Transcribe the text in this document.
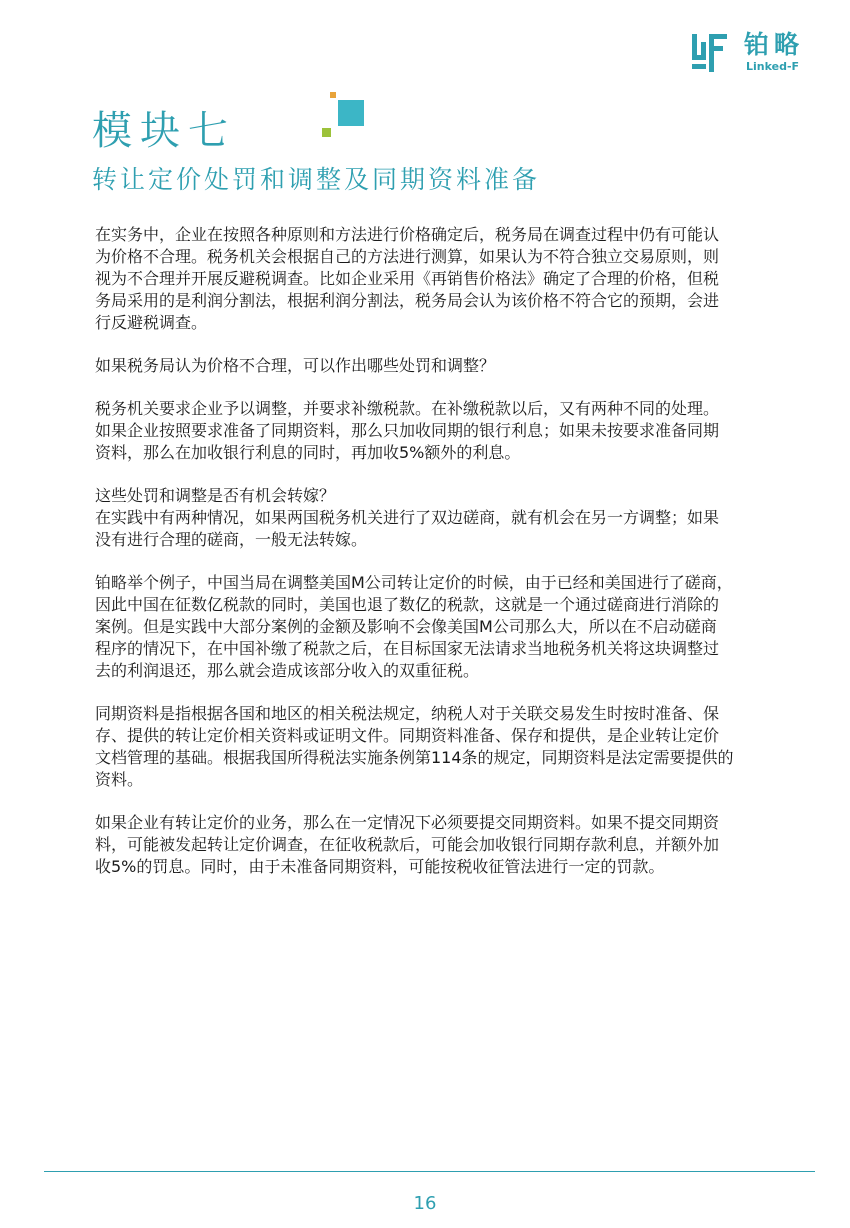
铂略
Linked-F
模块七
转让定价处罚和调整及同期资料准备

在实务中，企业在按照各种原则和方法进行价格确定后，税务局在调查过程中仍有可能认
为价格不合理。税务机关会根据自己的方法进行测算，如果认为不符合独立交易原则，则
视为不合理并开展反避税调查。比如企业采用《再销售价格法》确定了合理的价格，但税
务局采用的是利润分割法，根据利润分割法，税务局会认为该价格不符合它的预期，会进
行反避税调查。

如果税务局认为价格不合理，可以作出哪些处罚和调整？

税务机关要求企业予以调整，并要求补缴税款。在补缴税款以后，又有两种不同的处理。
如果企业按照要求准备了同期资料，那么只加收同期的银行利息；如果未按要求准备同期
资料，那么在加收银行利息的同时，再加收5%额外的利息。

这些处罚和调整是否有机会转嫁？
在实践中有两种情况，如果两国税务机关进行了双边磋商，就有机会在另一方调整；如果
没有进行合理的磋商，一般无法转嫁。

铂略举个例子，中国当局在调整美国M公司转让定价的时候，由于已经和美国进行了磋商，
因此中国在征数亿税款的同时，美国也退了数亿的税款，这就是一个通过磋商进行消除的
案例。但是实践中大部分案例的金额及影响不会像美国M公司那么大，所以在不启动磋商
程序的情况下，在中国补缴了税款之后，在目标国家无法请求当地税务机关将这块调整过
去的利润退还，那么就会造成该部分收入的双重征税。

同期资料是指根据各国和地区的相关税法规定，纳税人对于关联交易发生时按时准备、保
存、提供的转让定价相关资料或证明文件。同期资料准备、保存和提供，是企业转让定价
文档管理的基础。根据我国所得税法实施条例第114条的规定，同期资料是法定需要提供的
资料。

如果企业有转让定价的业务，那么在一定情况下必须要提交同期资料。如果不提交同期资
料，可能被发起转让定价调查，在征收税款后，可能会加收银行同期存款利息，并额外加
收5%的罚息。同时，由于未准备同期资料，可能按税收征管法进行一定的罚款。

16
